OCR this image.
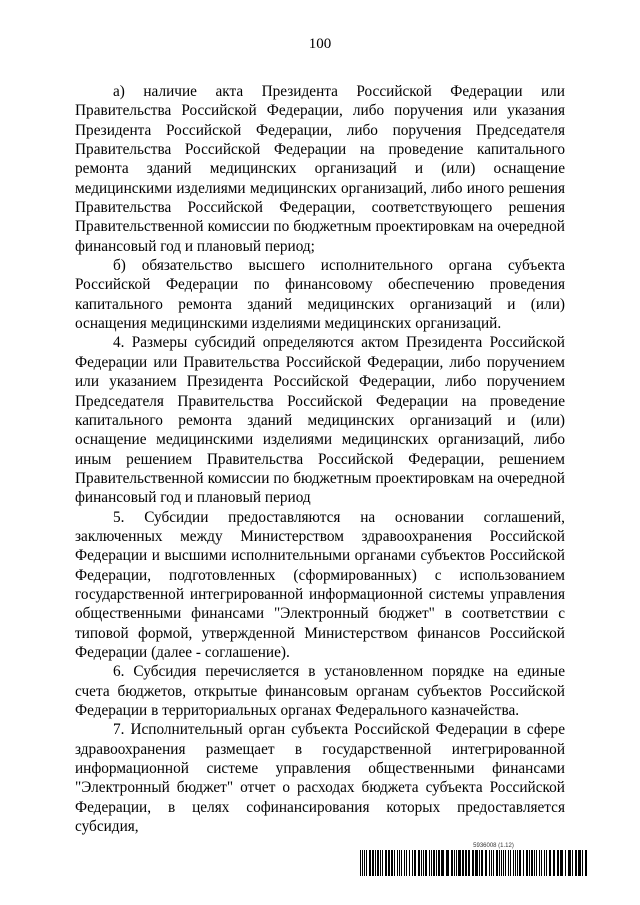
100

а) наличие акта Президента Российской Федерации или Правительства Российской Федерации, либо поручения или указания Президента Российской Федерации, либо поручения Председателя Правительства Российской Федерации на проведение капитального ремонта зданий медицинских организаций и (или) оснащение медицинскими изделиями медицинских организаций, либо иного решения Правительства Российской Федерации, соответствующего решения Правительственной комиссии по бюджетным проектировкам на очередной финансовый год и плановый период;

б) обязательство высшего исполнительного органа субъекта Российской Федерации по финансовому обеспечению проведения капитального ремонта зданий медицинских организаций и (или) оснащения медицинскими изделиями медицинских организаций.

4. Размеры субсидий определяются актом Президента Российской Федерации или Правительства Российской Федерации, либо поручением или указанием Президента Российской Федерации, либо поручением Председателя Правительства Российской Федерации на проведение капитального ремонта зданий медицинских организаций и (или) оснащение медицинскими изделиями медицинских организаций, либо иным решением Правительства Российской Федерации, решением Правительственной комиссии по бюджетным проектировкам на очередной финансовый год и плановый период

5. Субсидии предоставляются на основании соглашений, заключенных между Министерством здравоохранения Российской Федерации и высшими исполнительными органами субъектов Российской Федерации, подготовленных (сформированных) с использованием государственной интегрированной информационной системы управления общественными финансами "Электронный бюджет" в соответствии с типовой формой, утвержденной Министерством финансов Российской Федерации (далее - соглашение).

6. Субсидия перечисляется в установленном порядке на единые счета бюджетов, открытые финансовым органам субъектов Российской Федерации в территориальных органах Федерального казначейства.

7. Исполнительный орган субъекта Российской Федерации в сфере здравоохранения размещает в государственной интегрированной информационной системе управления общественными финансами "Электронный бюджет" отчет о расходах бюджета субъекта Российской Федерации, в целях софинансирования которых предоставляется субсидия,

5936008 (1.12)
